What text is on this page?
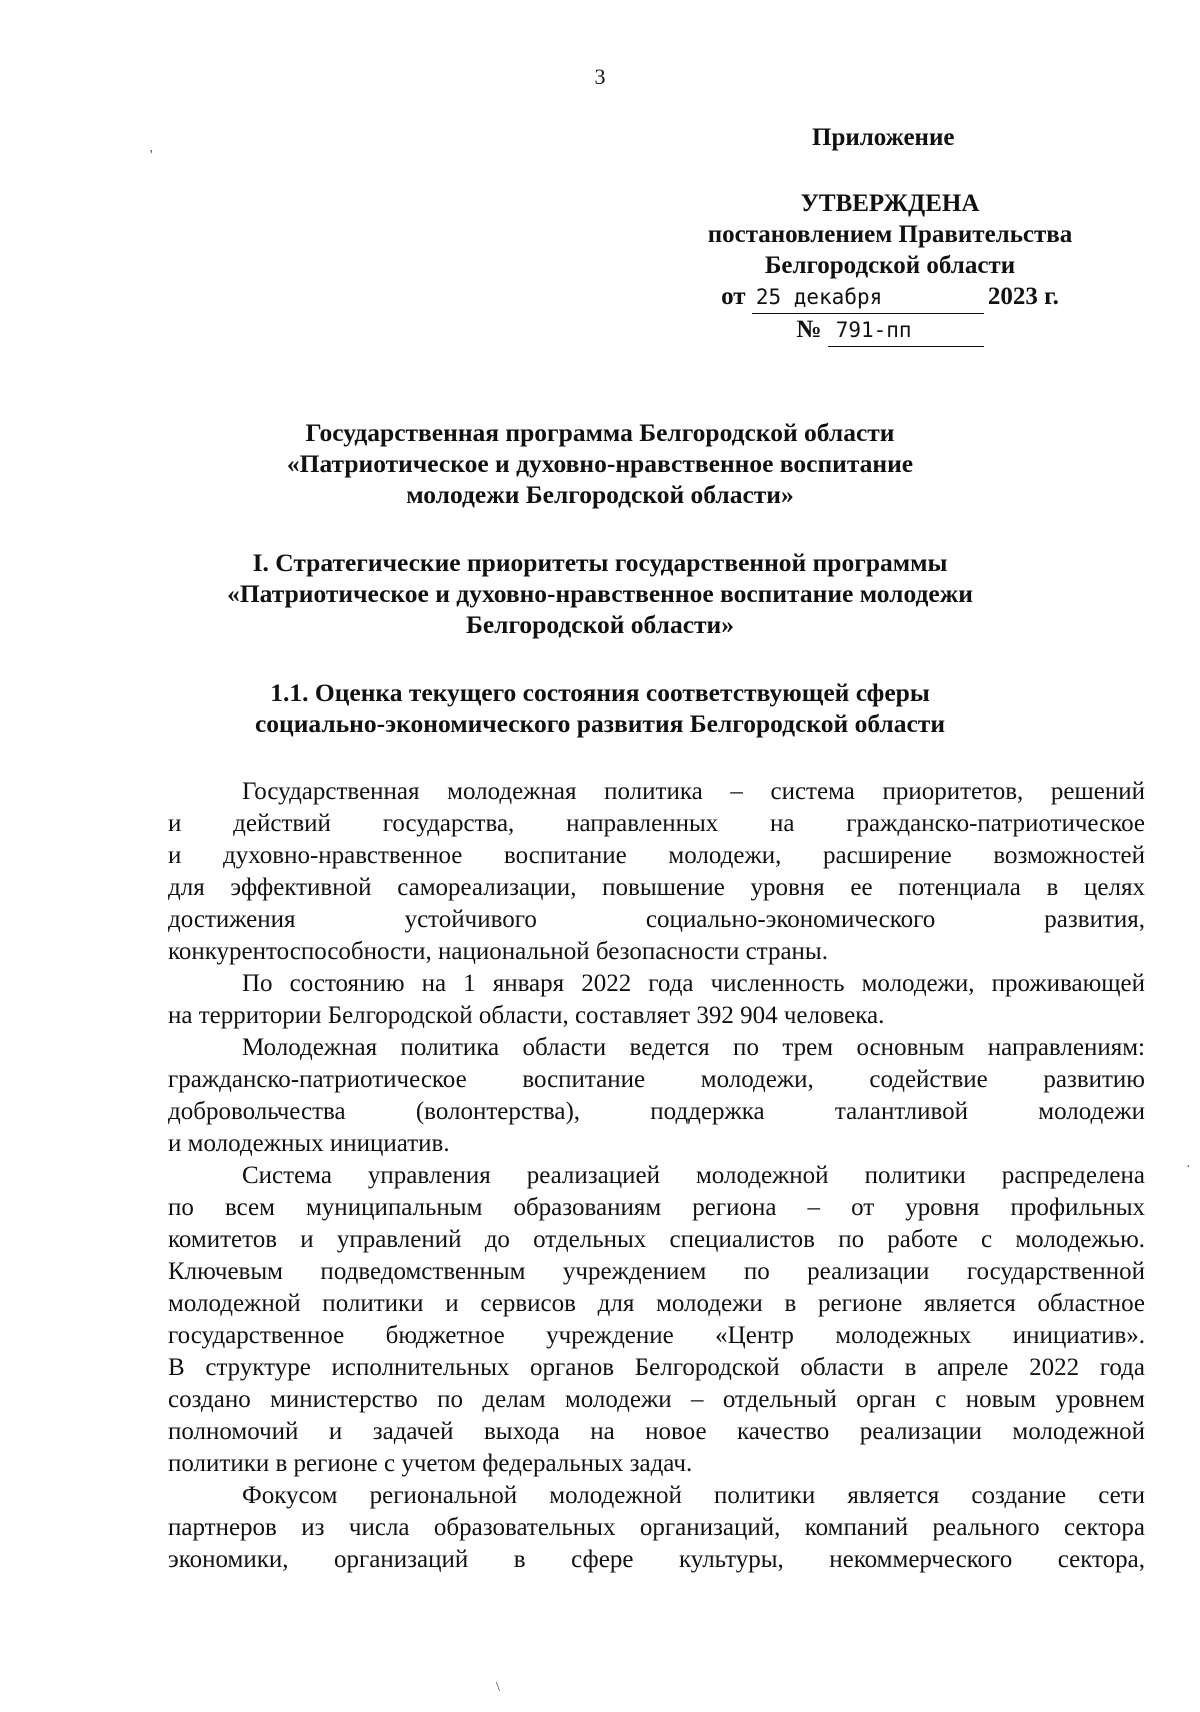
3
'
Приложение
УТВЕРЖДЕНА
постановлением Правительства
Белгородской области
от 25 декабря	2023 г.
№ 791-пп
Государственная программа Белгородской области
«Патриотическое и духовно-нравственное воспитание
молодежи Белгородской области»
I. Стратегические приоритеты государственной программы
«Патриотическое и духовно-нравственное воспитание молодежи
Белгородской области»
1.1. Оценка текущего состояния соответствующей сферы
социально-экономического развития Белгородской области
Государственная молодежная политика – система приоритетов, решений
и действий государства, направленных на гражданско-патриотическое
и духовно-нравственное воспитание молодежи, расширение возможностей
для эффективной самореализации, повышение уровня ее потенциала в целях
достижения устойчивого социально-экономического развития,
конкурентоспособности, национальной безопасности страны.
По состоянию на 1 января 2022 года численность молодежи, проживающей
на территории Белгородской области, составляет 392 904 человека.
Молодежная политика области ведется по трем основным направлениям:
гражданско-патриотическое воспитание молодежи, содействие развитию
добровольчества (волонтерства), поддержка талантливой молодежи
и молодежных инициатив.
Система управления реализацией молодежной политики распределена
по всем муниципальным образованиям региона – от уровня профильных
комитетов и управлений до отдельных специалистов по работе с молодежью.
Ключевым подведомственным учреждением по реализации государственной
молодежной политики и сервисов для молодежи в регионе является областное
государственное бюджетное учреждение «Центр молодежных инициатив».
В структуре исполнительных органов Белгородской области в апреле 2022 года
создано министерство по делам молодежи – отдельный орган с новым уровнем
полномочий и задачей выхода на новое качество реализации молодежной
политики в регионе с учетом федеральных задач.
Фокусом региональной молодежной политики является создание сети
партнеров из числа образовательных организаций, компаний реального сектора
экономики, организаций в сфере культуры, некоммерческого сектора,
·
\
